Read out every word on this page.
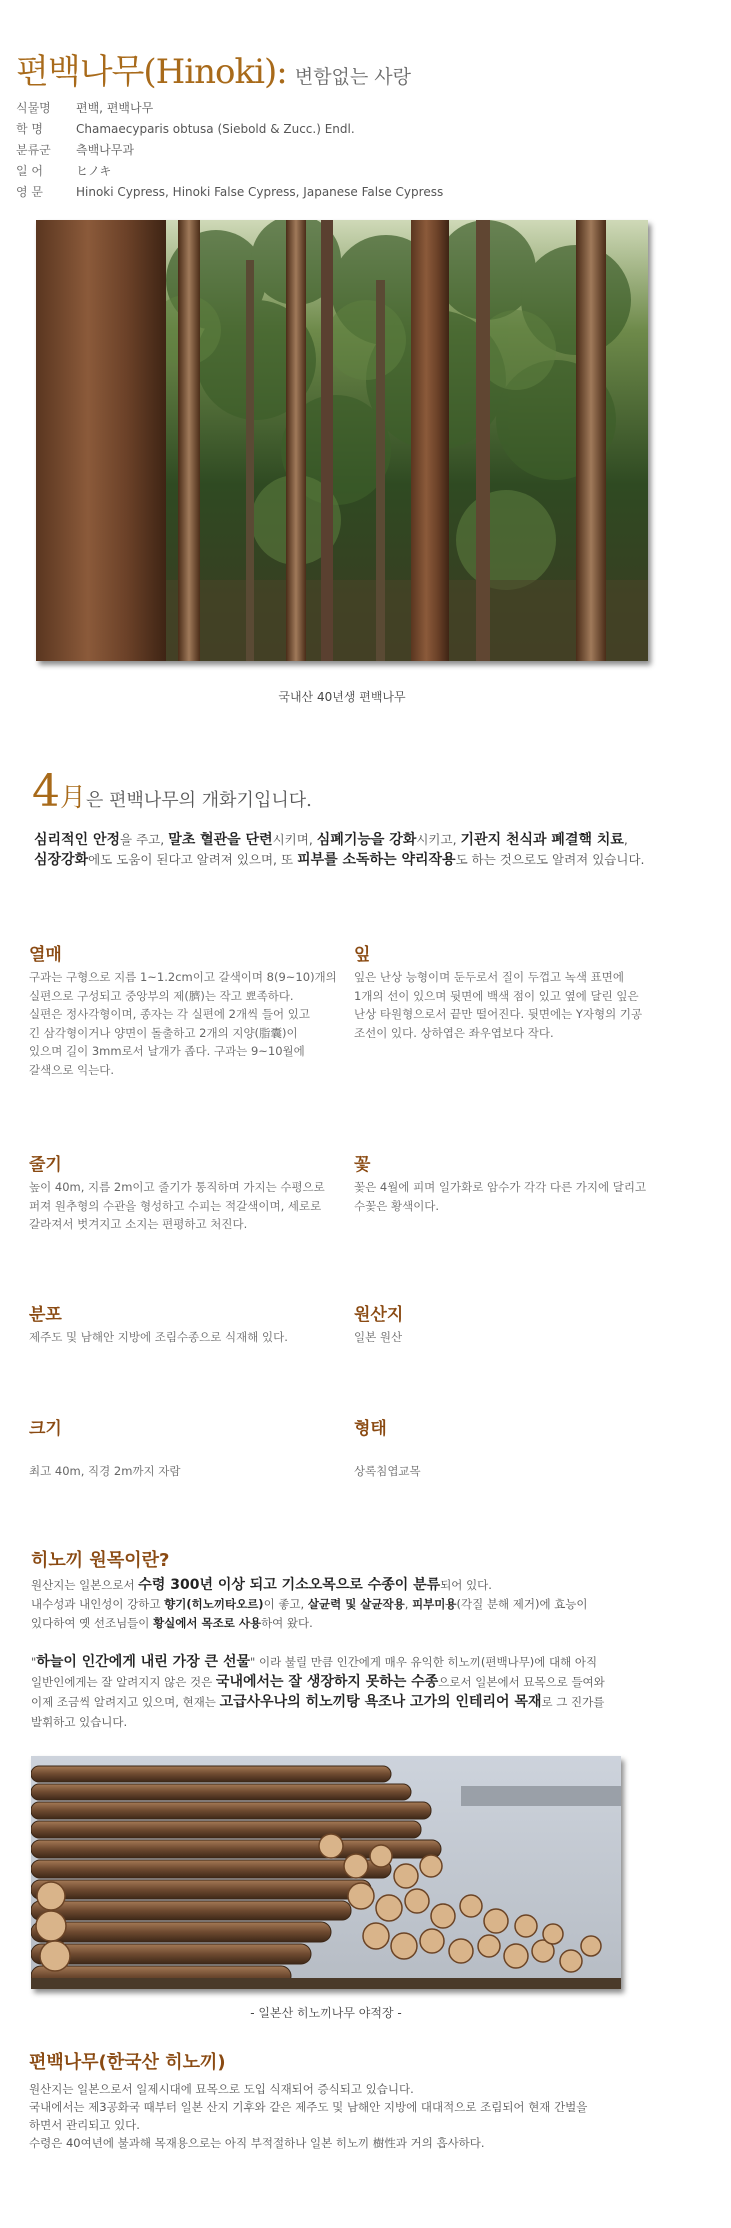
편백나무(Hinoki): 변함없는 사랑
식물명 편백, 편백나무
학 명	Chamaecyparis obtusa (Siebold & Zucc.) Endl.
분류군 측백나무과
일 어	ヒノキ
영 문	Hinoki Cypress, Hinoki False Cypress, Japanese False Cypress
국내산 40년생 편백나무
4月은 편백나무의 개화기입니다.
심리적인 안정을 주고, 말초 혈관을 단련시키며, 심폐기능을 강화시키고, 기관지 천식과 폐결핵 치료,
심장강화에도 도움이 된다고 알려져 있으며, 또 피부를 소독하는 약리작용도 하는 것으로도 알려져 있습니다.
열매
구과는 구형으로 지름 1~1.2cm이고 갈색이며 8(9~10)개의
실편으로 구성되고 중앙부의 제(臍)는 작고 뾰족하다.
실편은 정사각형이며, 종자는 각 실편에 2개씩 들어 있고
긴 삼각형이거나 양면이 돌출하고 2개의 지양(脂囊)이
있으며 길이 3mm로서 날개가 좁다. 구과는 9~10월에
갈색으로 익는다.
잎
잎은 난상 능형이며 둔두로서 질이 두껍고 녹색 표면에
1개의 선이 있으며 뒷면에 백색 점이 있고 옆에 달린 잎은
난상 타원형으로서 끝만 떨어진다. 뒷면에는 Y자형의 기공
조선이 있다. 상하엽은 좌우엽보다 작다.
줄기
높이 40m, 지름 2m이고 줄기가 통직하며 가지는 수평으로
퍼져 원추형의 수관을 형성하고 수피는 적갈색이며, 세로로
갈라져서 벗겨지고 소지는 편평하고 처진다.
꽃
꽃은 4월에 피며 일가화로 암수가 각각 다른 가지에 달리고
수꽃은 황색이다.
분포
제주도 및 남해안 지방에 조림수종으로 식재해 있다.
원산지
일본 원산
크기
최고 40m, 직경 2m까지 자람
형태
상록침엽교목
히노끼 원목이란?
원산지는 일본으로서 수령 300년 이상 되고 기소오목으로 수종이 분류되어 있다.
내수성과 내인성이 강하고 향기(히노끼타오르)이 좋고, 살균력 및 살균작용, 피부미용(각질 분해 제거)에 효능이
있다하여 옛 선조님들이 황실에서 목조로 사용하여 왔다.
"하늘이 인간에게 내린 가장 큰 선물" 이라 불릴 만큼 인간에게 매우 유익한 히노끼(편백나무)에 대해 아직
일반인에게는 잘 알려지지 않은 것은 국내에서는 잘 생장하지 못하는 수종으로서 일본에서 묘목으로 들여와
이제 조금씩 알려지고 있으며, 현재는 고급사우나의 히노끼탕 욕조나 고가의 인테리어 목재로 그 진가를
발휘하고 있습니다.
- 일본산 히노끼나무 야적장 -
편백나무(한국산 히노끼)
원산지는 일본으로서 일제시대에 묘목으로 도입 식재되어 증식되고 있습니다.
국내에서는 제3공화국 때부터 일본 산지 기후와 같은 제주도 및 남해안 지방에 대대적으로 조림되어 현재 간벌을
하면서 관리되고 있다.
수령은 40여년에 불과해 목재용으로는 아직 부적절하나 일본 히노끼 樹性과 거의 흡사하다.
